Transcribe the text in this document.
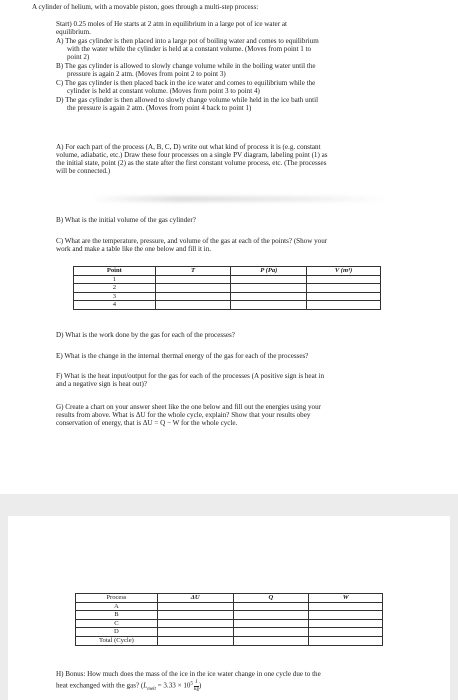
A cylinder of helium, with a movable piston, goes through a multi-step process:
Start) 0.25 moles of He starts at 2 atm in equilibrium in a large pot of ice water at
equilibrium.
A) The gas cylinder is then placed into a large pot of boiling water and comes to equilibrium
with the water while the cylinder is held at a constant volume. (Moves from point 1 to
point 2)
B) The gas cylinder is allowed to slowly change volume while in the boiling water until the
pressure is again 2 atm. (Moves from point 2 to point 3)
C) The gas cylinder is then placed back in the ice water and comes to equilibrium while the
cylinder is held at constant volume. (Moves from point 3 to point 4)
D) The gas cylinder is then allowed to slowly change volume while held in the ice bath until
the pressure is again 2 atm. (Moves from point 4 back to point 1)
A) For each part of the process (A, B, C, D) write out what kind of process it is (e.g. constant
volume, adiabatic, etc.) Draw these four processes on a single PV diagram, labeling point (1) as
the initial state, point (2) as the state after the first constant volume process, etc. (The processes
will be connected.)
B) What is the initial volume of the gas cylinder?
C) What are the temperature, pressure, and volume of the gas at each of the points? (Show your
work and make a table like the one below and fill it in.
Point	T	P (Pa)	V (m³)
1			
2			
3			
4			
D) What is the work done by the gas for each of the processes?
E) What is the change in the internal thermal energy of the gas for each of the processes?
F) What is the heat input/output for the gas for each of the processes (A positive sign is heat in
and a negative sign is heat out)?
G) Create a chart on your answer sheet like the one below and fill out the energies using your
results from above. What is ΔU for the whole cycle, explain? Show that your results obey
conservation of energy, that is ΔU = Q − W for the whole cycle.
Process	ΔU	Q	W
A			
B			
C			
D			
Total (Cycle)			
H) Bonus: How much does the mass of the ice in the ice water change in one cycle due to the
heat exchanged with the gas? ($L_{melt} = 3.33 \times 10^5 \frac{J}{kg}$ )
